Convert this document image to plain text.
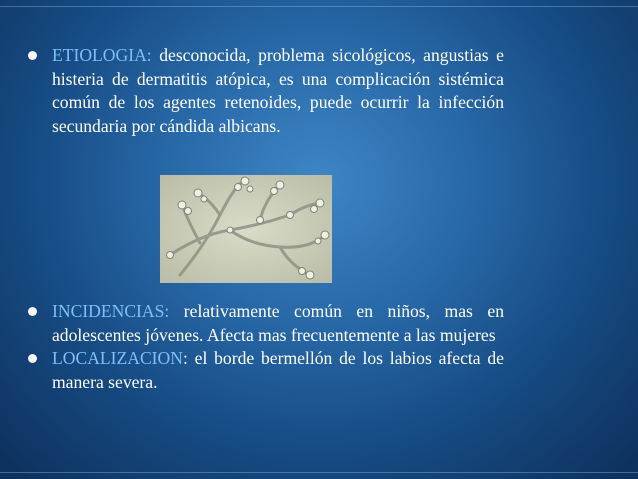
ETIOLOGIA: desconocida, problema sicológicos, angustias e histeria de dermatitis atópica, es una complicación sistémica común de los agentes retenoides, puede ocurrir la infección secundaria por cándida albicans.
INCIDENCIAS: relativamente común en niños, mas en adolescentes jóvenes. Afecta mas frecuentemente a las mujeres
LOCALIZACION: el borde bermellón de los labios afecta de manera severa.
